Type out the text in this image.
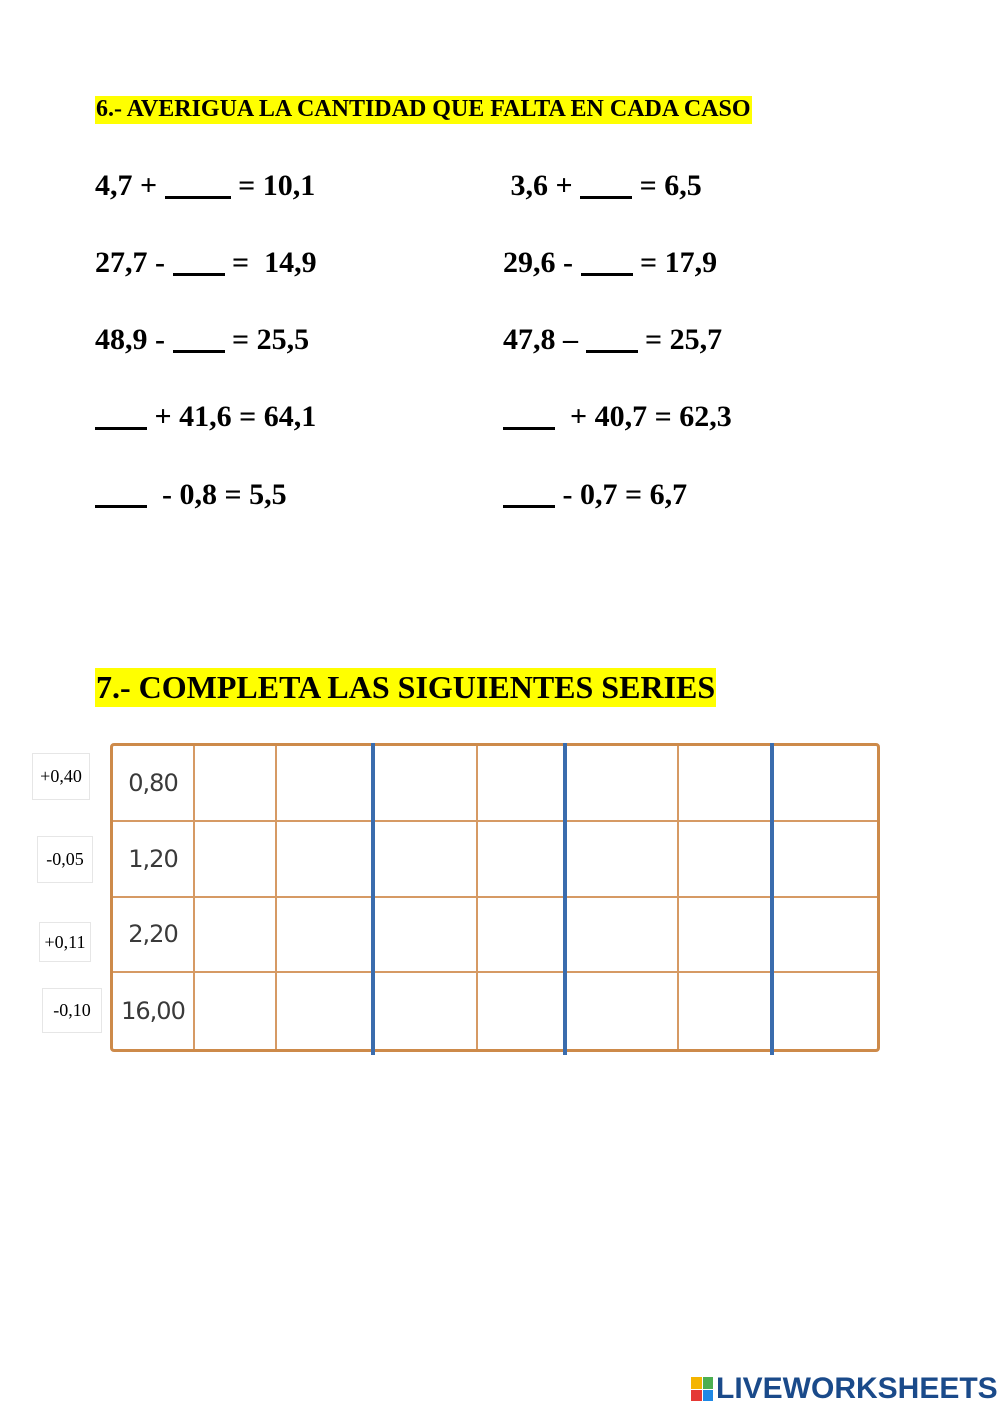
6.- AVERIGUA LA CANTIDAD QUE FALTA EN CADA CASO
4,7 +  = 10,1
27,7 -  =  14,9
48,9 -  = 25,5
+ 41,6 = 64,1
- 0,8 = 5,5
3,6 +  = 6,5
29,6 -  = 17,9
47,8 –  = 25,7
+ 40,7 = 62,3
- 0,7 = 6,7
7.- COMPLETA LAS SIGUIENTES SERIES
+0,40
-0,05
+0,11
-0,10
0,80
1,20
2,20
16,00
LIVEWORKSHEETS
